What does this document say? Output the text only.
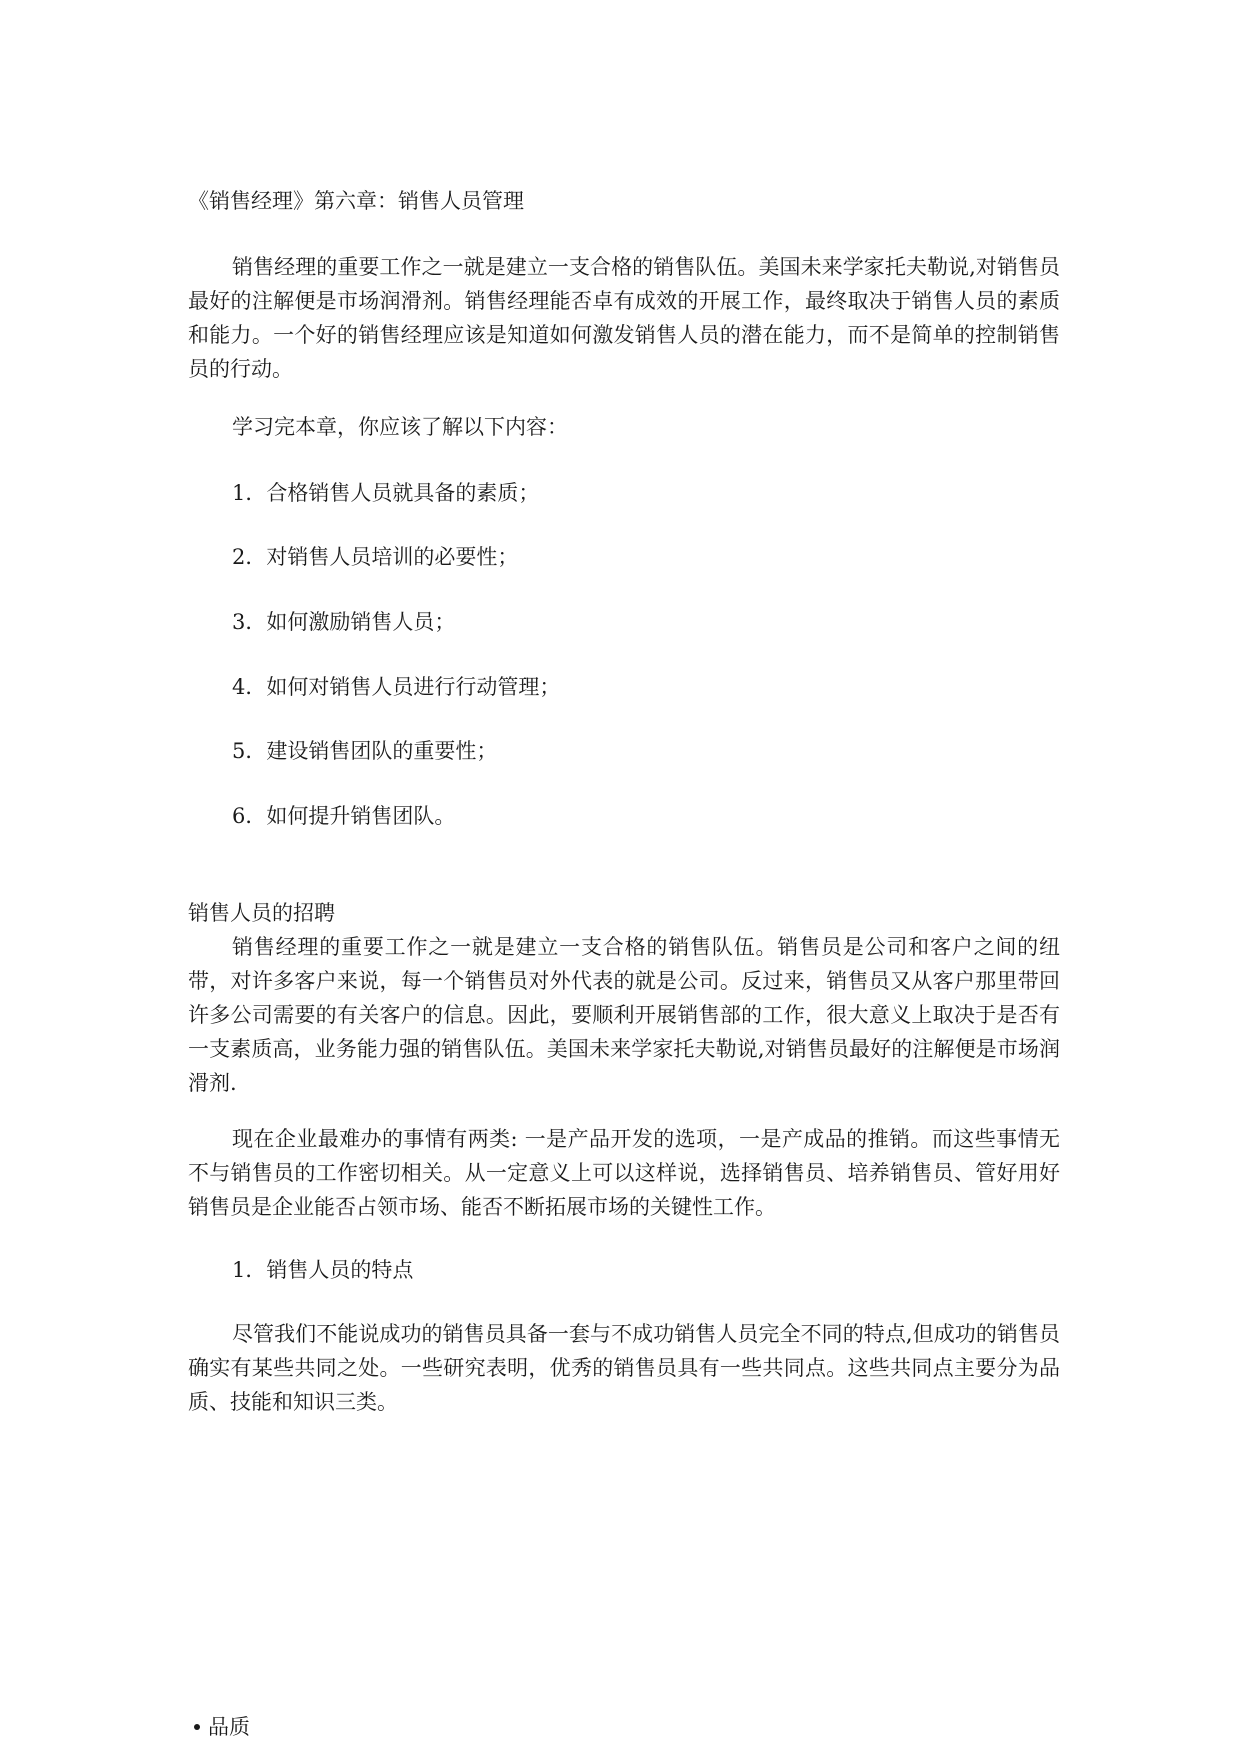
《销售经理》第六章：销售人员管理

销售经理的重要工作之一就是建立一支合格的销售队伍。美国未来学家托夫勒说,对销售员最好的注解便是市场润滑剂。销售经理能否卓有成效的开展工作，最终取决于销售人员的素质和能力。一个好的销售经理应该是知道如何激发销售人员的潜在能力，而不是简单的控制销售员的行动。

学习完本章，你应该了解以下内容：

1．合格销售人员就具备的素质；

2．对销售人员培训的必要性；

3．如何激励销售人员；

4．如何对销售人员进行行动管理；

5．建设销售团队的重要性；

6．如何提升销售团队。

销售人员的招聘

销售经理的重要工作之一就是建立一支合格的销售队伍。销售员是公司和客户之间的纽带，对许多客户来说，每一个销售员对外代表的就是公司。反过来，销售员又从客户那里带回许多公司需要的有关客户的信息。因此，要顺利开展销售部的工作，很大意义上取决于是否有一支素质高，业务能力强的销售队伍。美国未来学家托夫勒说,对销售员最好的注解便是市场润滑剂.

现在企业最难办的事情有两类: 一是产品开发的选项，一是产成品的推销。而这些事情无不与销售员的工作密切相关。从一定意义上可以这样说，选择销售员、培养销售员、管好用好销售员是企业能否占领市场、能否不断拓展市场的关键性工作。

1．销售人员的特点

尽管我们不能说成功的销售员具备一套与不成功销售人员完全不同的特点,但成功的销售员确实有某些共同之处。一些研究表明，优秀的销售员具有一些共同点。这些共同点主要分为品质、技能和知识三类。

品质
